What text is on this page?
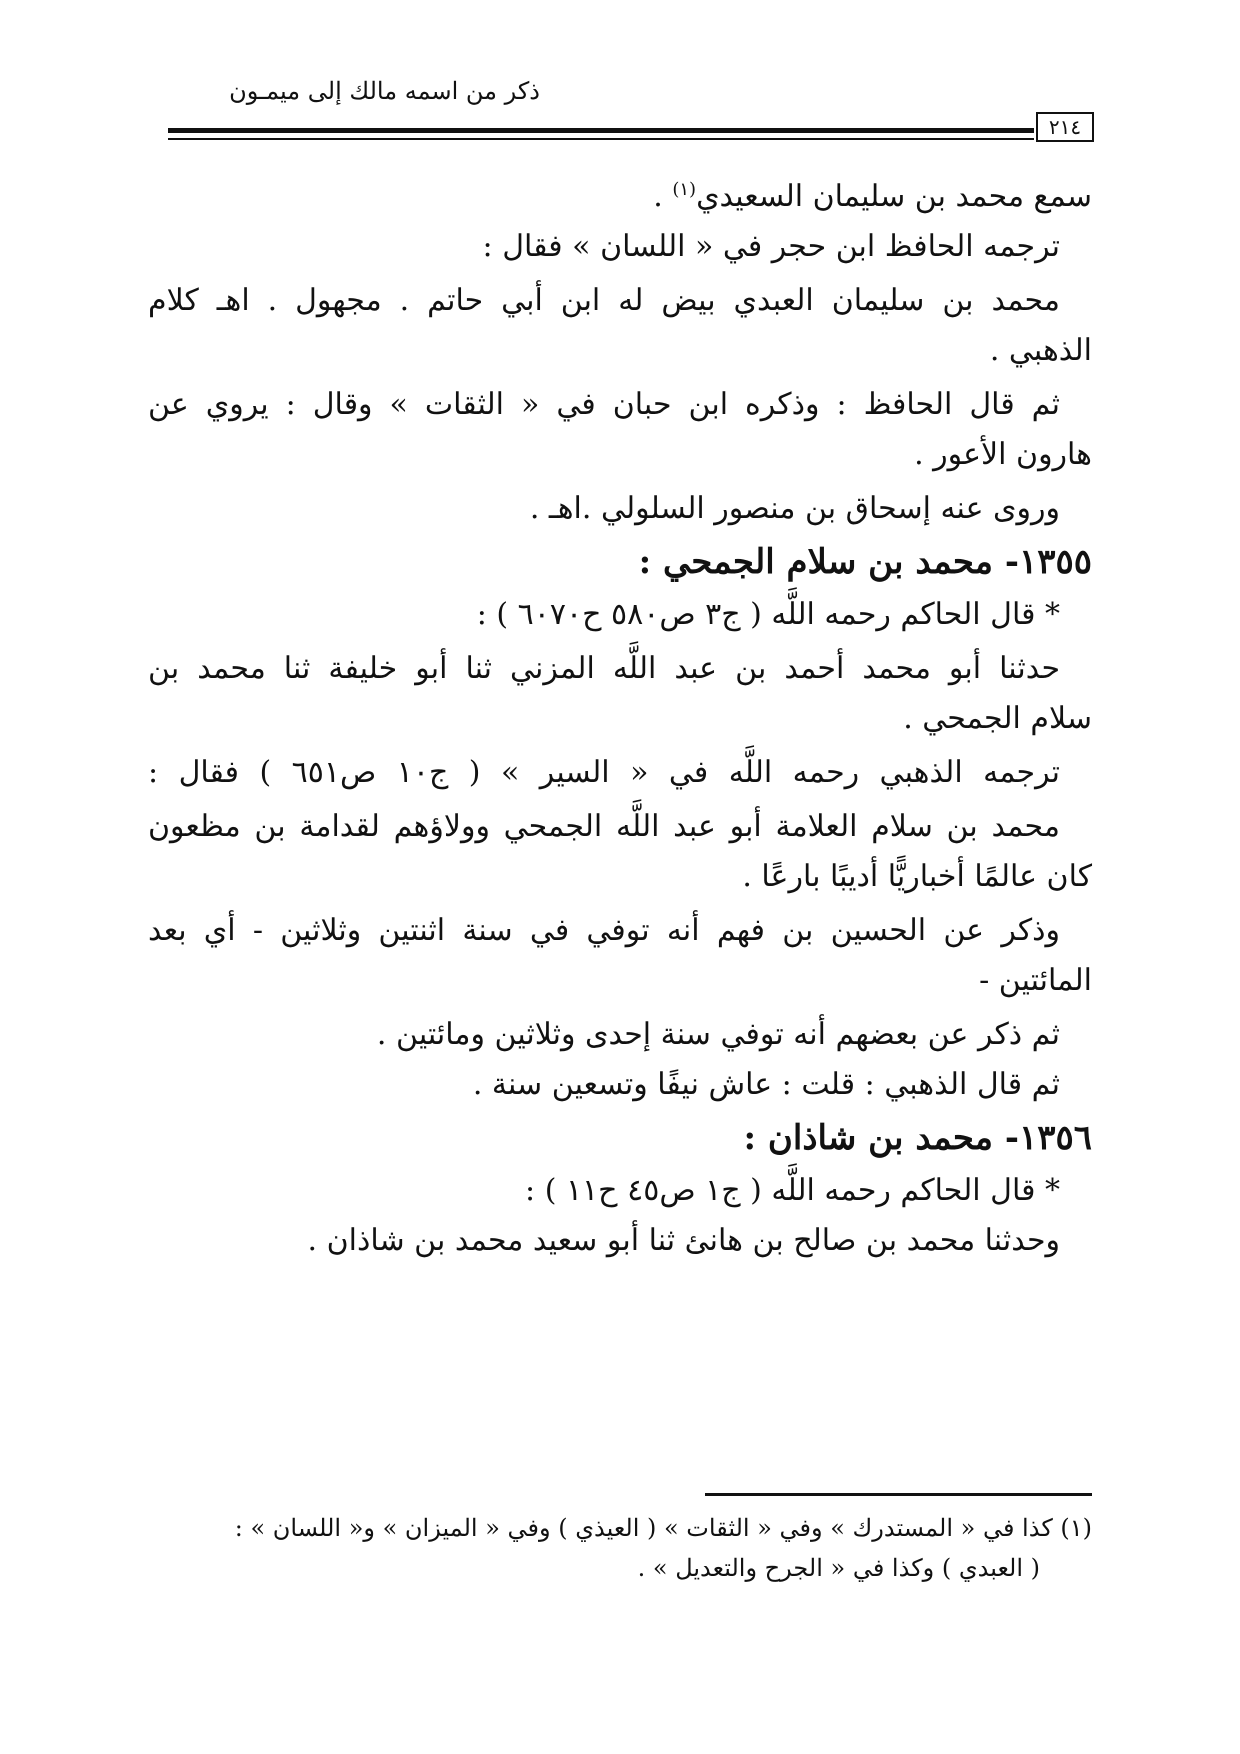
ذكر من اسمه مالك إلى ميمـون
٢١٤
سمع محمد بن سليمان السعيدي$^{(١)}$ .
ترجمه الحافظ ابن حجر في « اللسان » فقال :
محمد بن سليمان العبدي بيض له ابن أبي حاتم . مجهول . اهـ كلام
الذهبي .
ثم قال الحافظ : وذكره ابن حبان في « الثقات » وقال : يروي عن
هارون الأعور .
وروى عنه إسحاق بن منصور السلولي .اهـ .
١٣٥٥- محمد بن سلام الجمحي :
* قال الحاكم رحمه اللَّه ( ج٣ ص٥٨٠ ح٦٠٧٠ ) :
حدثنا أبو محمد أحمد بن عبد اللَّه المزني ثنا أبو خليفة ثنا محمد بن
سلام الجمحي .
ترجمه الذهبي رحمه اللَّه في « السير » ( ج١٠ ص٦٥١ ) فقال :
محمد بن سلام العلامة أبو عبد اللَّه الجمحي وولاؤهم لقدامة بن مظعون
كان عالمًا أخباريًّا أديبًا بارعًا .
وذكر عن الحسين بن فهم أنه توفي في سنة اثنتين وثلاثين - أي بعد
المائتين -
ثم ذكر عن بعضهم أنه توفي سنة إحدى وثلاثين ومائتين .
ثم قال الذهبي : قلت : عاش نيفًا وتسعين سنة .
١٣٥٦- محمد بن شاذان :
* قال الحاكم رحمه اللَّه ( ج١ ص٤٥ ح١١ ) :
وحدثنا محمد بن صالح بن هانئ ثنا أبو سعيد محمد بن شاذان .
(١) كذا في « المستدرك » وفي « الثقات » ( العيذي ) وفي « الميزان » و« اللسان » :
( العبدي ) وكذا في « الجرح والتعديل » .
